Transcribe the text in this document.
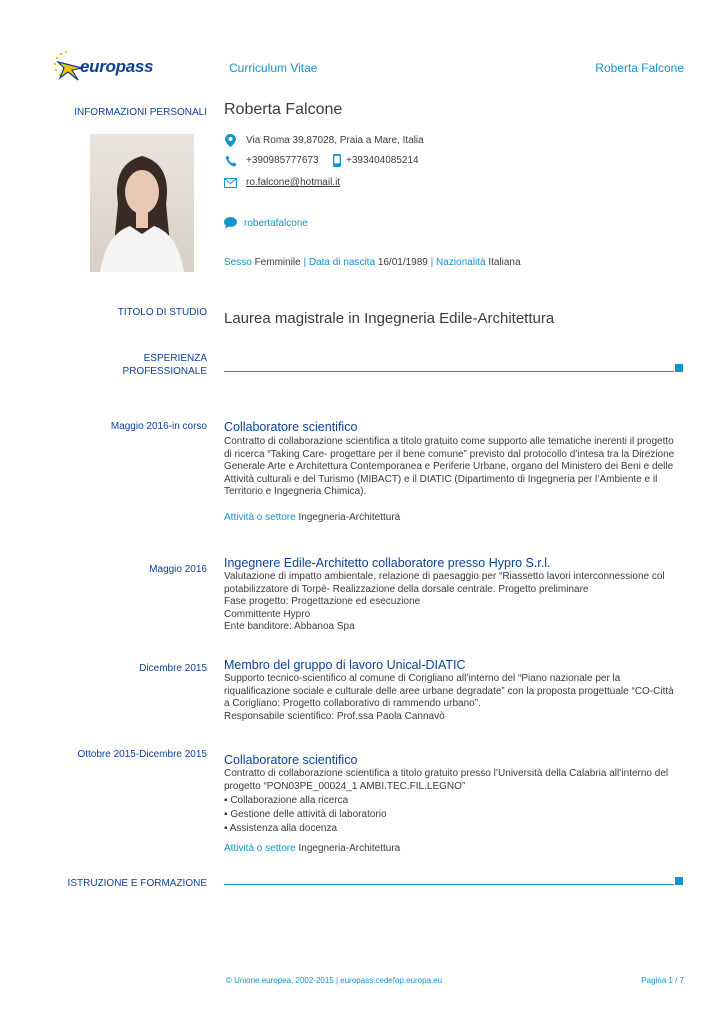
europass	Curriculum Vitae	Roberta Falcone
INFORMAZIONI PERSONALI Roberta Falcone
Via Roma 39,87028, Praia a Mare, Italia
+390985777673	+393404085214
ro.falcone@hotmail.it
robertafalcone
Sesso Femminile | Data di nascita 16/01/1989 | Nazionalità Italiana
TITOLO DI STUDIO Laurea magistrale in Ingegneria Edile-Architettura
ESPERIENZA
PROFESSIONALE
Maggio 2016-in corso Collaboratore scientifico
Contratto di collaborazione scientifica a titolo gratuito come supporto alle tematiche inerenti il progetto
di ricerca “Taking Care- progettare per il bene comune” previsto dal protocollo d’intesa tra la Direzione
Generale Arte e Architettura Contemporanea e Periferie Urbane, organo del Ministero dei Beni e delle
Attività culturali e del Turismo (MIBACT) e il DIATIC (Dipartimento di Ingegneria per l’Ambiente e il
Territorio e Ingegneria Chimica).
Attività o settore Ingegneria-Architettura
Maggio 2016 Ingegnere Edile-Architetto collaboratore presso Hypro S.r.l.
Valutazione di impatto ambientale, relazione di paesaggio per “Riassetto lavori interconnessione col
potabilizzatore di Torpè- Realizzazione della dorsale centrale. Progetto preliminare
Fase progetto: Progettazione ed esecuzione
Committente Hypro
Ente banditore: Abbanoa Spa
Dicembre 2015 Membro del gruppo di lavoro Unical-DIATIC
Supporto tecnico-scientifico al comune di Corigliano all’interno del “Piano nazionale per la
riqualificazione sociale e culturale delle aree urbane degradate” con la proposta progettuale “CO-Città
a Corigliano: Progetto collaborativo di rammendo urbano”.
Responsabile scientifico: Prof.ssa Paola Cannavò
Ottobre 2015-Dicembre 2015 Collaboratore scientifico
Contratto di collaborazione scientifica a titolo gratuito presso l’Università della Calabria all’interno del
progetto “PON03PE_00024_1 AMBI.TEC.FIL.LEGNO”
▪ Collaborazione alla ricerca
▪ Gestione delle attività di laboratorio
▪ Assistenza alla docenza
Attività o settore Ingegneria-Architettura
ISTRUZIONE E FORMAZIONE
© Unione europea, 2002-2015 | europass.cedefop.europa.eu	Pagina 1 / 7
